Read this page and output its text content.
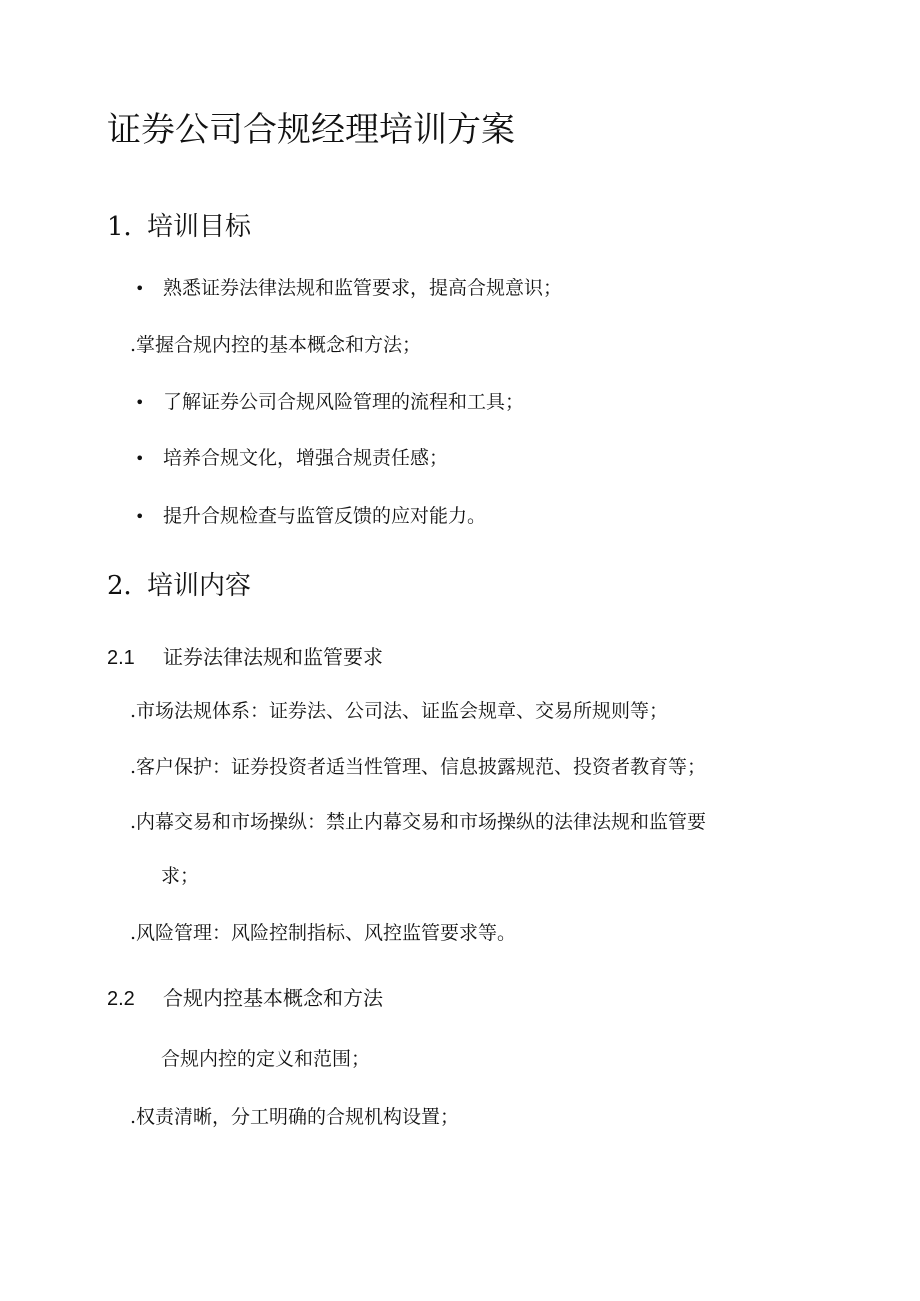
证券公司合规经理培训方案
1．培训目标
• 熟悉证券法律法规和监管要求，提高合规意识；
.掌握合规内控的基本概念和方法；
• 了解证券公司合规风险管理的流程和工具；
• 培养合规文化，增强合规责任感；
• 提升合规检查与监管反馈的应对能力。
2．培训内容
2.1 证券法律法规和监管要求
.市场法规体系：证券法、公司法、证监会规章、交易所规则等；
.客户保护：证券投资者适当性管理、信息披露规范、投资者教育等；
.内幕交易和市场操纵：禁止内幕交易和市场操纵的法律法规和监管要
求；
.风险管理：风险控制指标、风控监管要求等。
2.2 合规内控基本概念和方法
合规内控的定义和范围；
.权责清晰，分工明确的合规机构设置；
